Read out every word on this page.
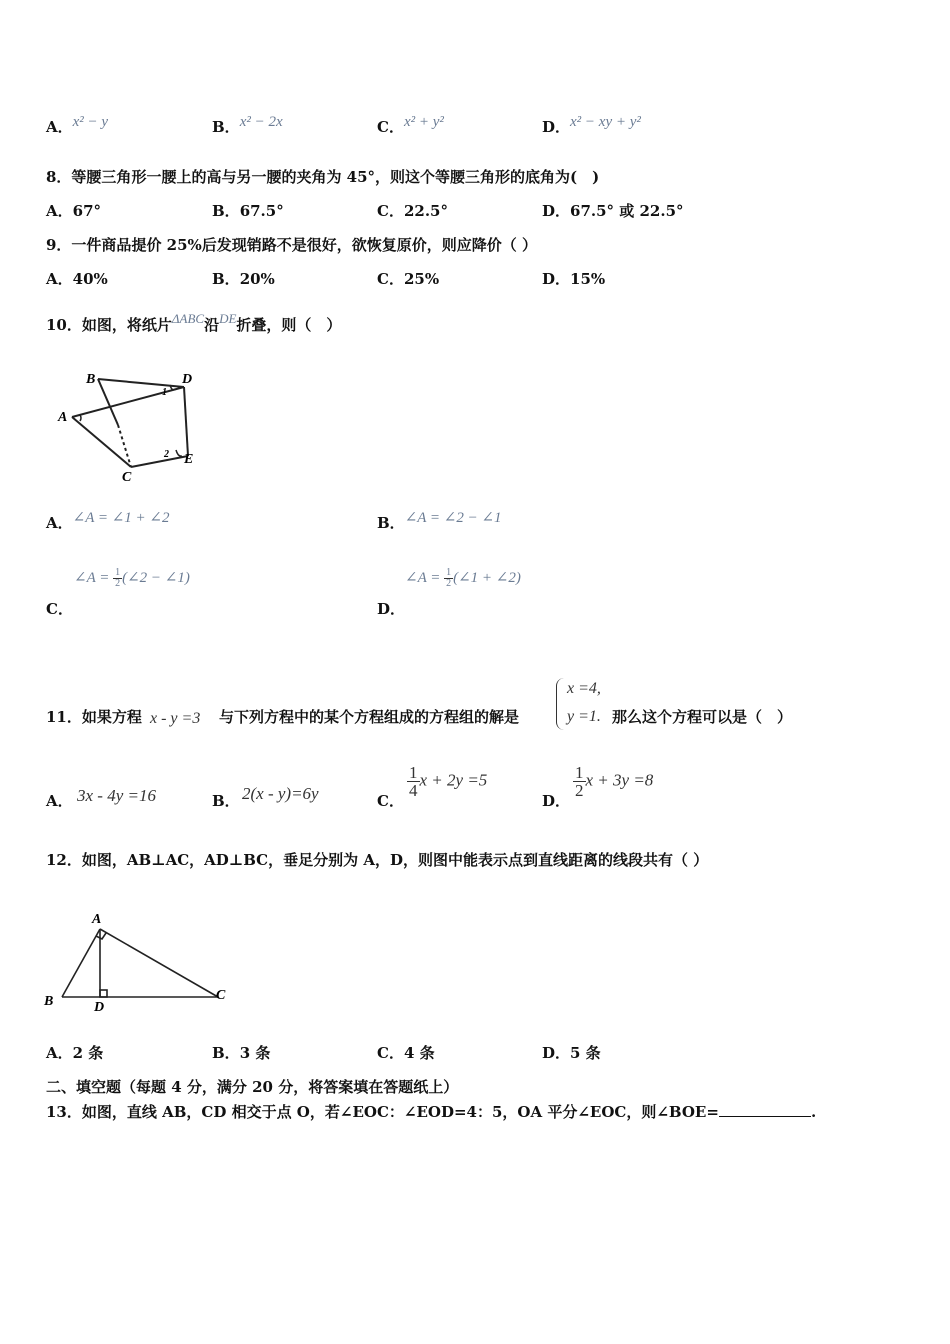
A．x² − y	B．x² − 2x	C．x² + y²	D．x² − xy + y²
8．等腰三角形一腰上的高与另一腰的夹角为 45°，则这个等腰三角形的底角为(　)
A．67°	B．67.5°	C．22.5°	D．67.5° 或 22.5°
9．一件商品提价 25%后发现销路不是很好，欲恢复原价，则应降价（ ）
A．40%	B．20%	C．25%	D．15%
10．如图，将纸片ΔABC沿DE折叠，则（　）
B	D
A
C
E
1
2
A．∠A = ∠1 + ∠2	B．∠A = ∠2 − ∠1
C．
∠A = $\frac{1}{2}$ (∠2 − ∠1)
D．
∠A = $\frac{1}{2}$ (∠1 + ∠2)
11．如果方程 x - y =3 与下列方程中的某个方程组成的方程组的解是
x =4,
y =1. 那么这个方程可以是（　）
A． 3x - 4y =16	B． 2(x - y)=6y	C．
$\frac{1}{4}$ x + 2y =5
D．
$\frac{1}{2}$ x + 3y =8
12．如图，AB⊥AC，AD⊥BC，垂足分别为 A，D，则图中能表示点到直线距离的线段共有（ ）
A
B	D
C
A．2 条	B．3 条	C．4 条	D．5 条
二、填空题（每题 4 分，满分 20 分，将答案填在答题纸上）
13．如图，直线 AB，CD 相交于点 O，若∠EOC：∠EOD=4：5，OA 平分∠EOC，则∠BOE=	.
